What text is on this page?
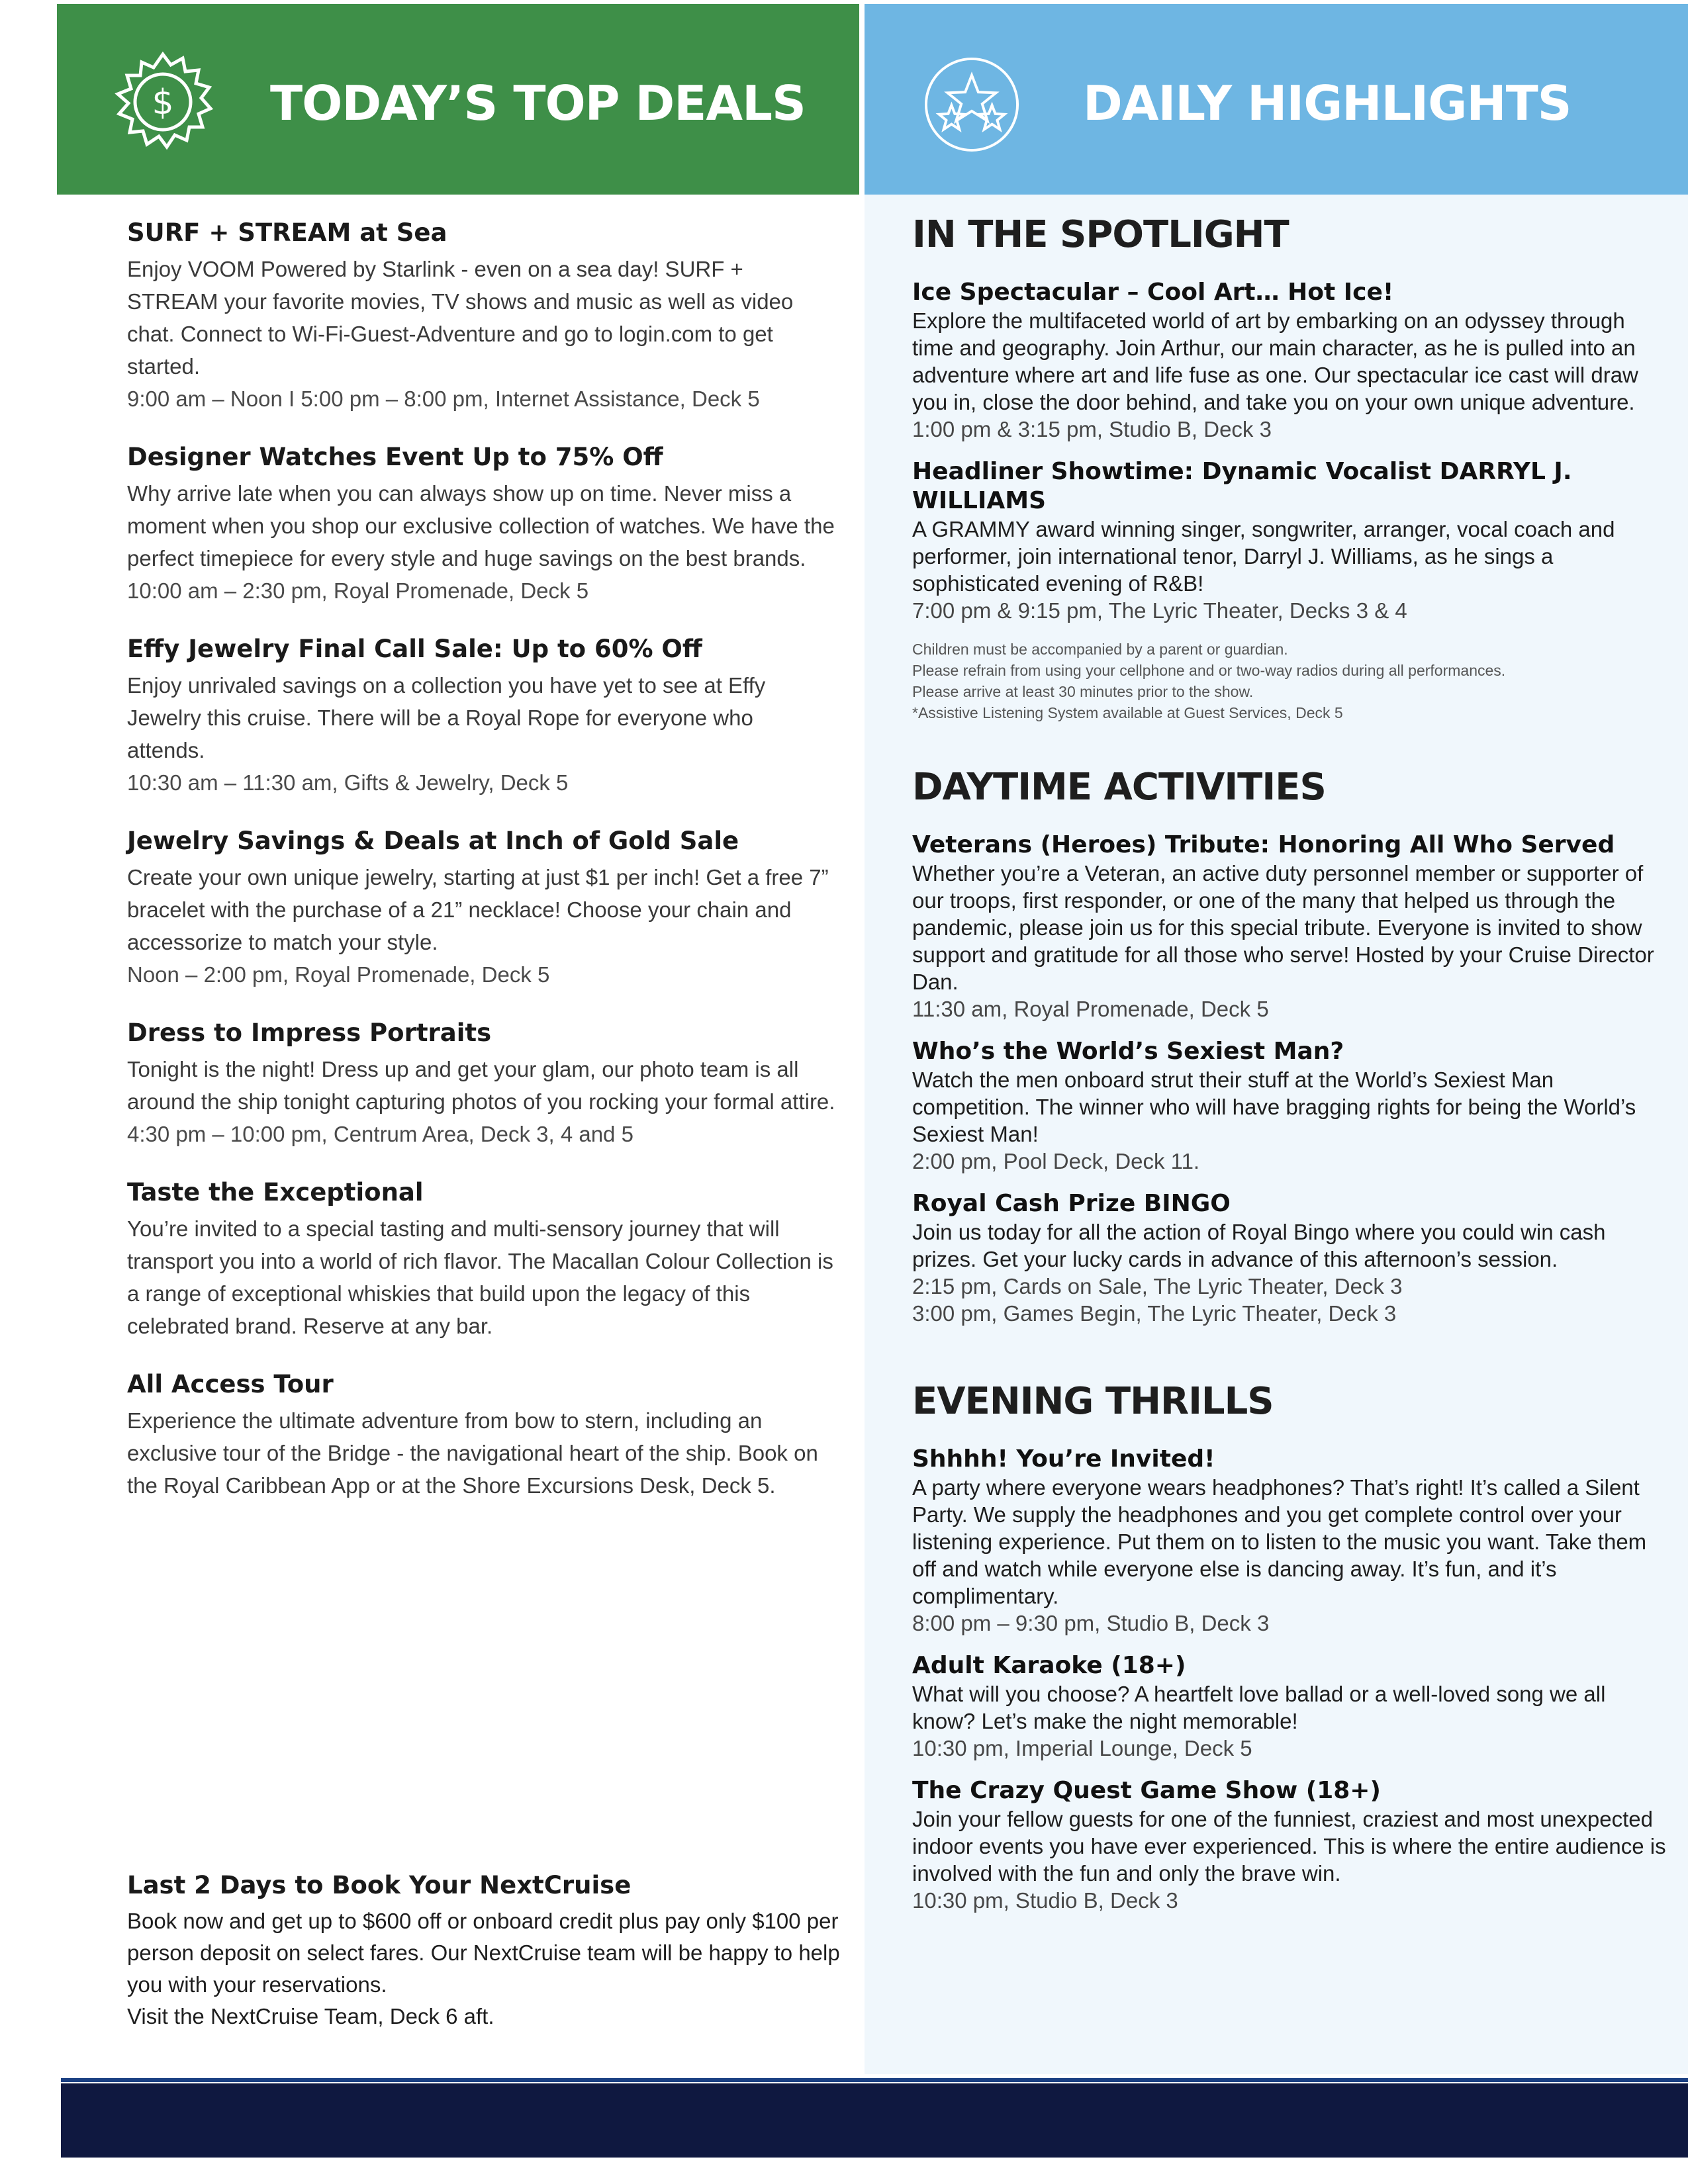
$ TODAY’S TOP DEALS	DAILY HIGHLIGHTS
SURF + STREAM at Sea

Enjoy VOOM Powered by Starlink - even on a sea day! SURF + STREAM your favorite movies, TV shows and music as well as video chat. Connect to Wi-Fi-Guest-Adventure and go to login.com to get started.

9:00 am – Noon I 5:00 pm – 8:00 pm, Internet Assistance, Deck 5

Designer Watches Event Up to 75% Off

Why arrive late when you can always show up on time. Never miss a moment when you shop our exclusive collection of watches. We have the perfect timepiece for every style and huge savings on the best brands.

10:00 am – 2:30 pm, Royal Promenade, Deck 5

Effy Jewelry Final Call Sale: Up to 60% Off

Enjoy unrivaled savings on a collection you have yet to see at Effy Jewelry this cruise. There will be a Royal Rope for everyone who attends.

10:30 am – 11:30 am, Gifts & Jewelry, Deck 5

Jewelry Savings & Deals at Inch of Gold Sale

Create your own unique jewelry, starting at just $1 per inch! Get a free 7” bracelet with the purchase of a 21” necklace! Choose your chain and accessorize to match your style.

Noon – 2:00 pm, Royal Promenade, Deck 5

Dress to Impress Portraits

Tonight is the night! Dress up and get your glam, our photo team is all around the ship tonight capturing photos of you rocking your formal attire.

4:30 pm – 10:00 pm, Centrum Area, Deck 3, 4 and 5

Taste the Exceptional

You’re invited to a special tasting and multi-sensory journey that will transport you into a world of rich flavor. The Macallan Colour Collection is a range of exceptional whiskies that build upon the legacy of this celebrated brand. Reserve at any bar.

All Access Tour

Experience the ultimate adventure from bow to stern, including an exclusive tour of the Bridge - the navigational heart of the ship. Book on the Royal Caribbean App or at the Shore Excursions Desk, Deck 5.

Last 2 Days to Book Your NextCruise

Book now and get up to $600 off or onboard credit plus pay only $100 per person deposit on select fares. Our NextCruise team will be happy to help you with your reservations.

Visit the NextCruise Team, Deck 6 aft.

IN THE SPOTLIGHT
Ice Spectacular – Cool Art… Hot Ice!

Explore the multifaceted world of art by embarking on an odyssey through time and geography. Join Arthur, our main character, as he is pulled into an adventure where art and life fuse as one. Our spectacular ice cast will draw you in, close the door behind, and take you on your own unique adventure.

1:00 pm & 3:15 pm, Studio B, Deck 3

Headliner Showtime: Dynamic Vocalist DARRYL J. WILLIAMS

A GRAMMY award winning singer, songwriter, arranger, vocal coach and performer, join international tenor, Darryl J. Williams, as he sings a sophisticated evening of R&B!

7:00 pm & 9:15 pm, The Lyric Theater, Decks 3 & 4

Children must be accompanied by a parent or guardian.

Please refrain from using your cellphone and or two-way radios during all performances.

Please arrive at least 30 minutes prior to the show.

*Assistive Listening System available at Guest Services, Deck 5

DAYTIME ACTIVITIES
Veterans (Heroes) Tribute: Honoring All Who Served

Whether you’re a Veteran, an active duty personnel member or supporter of our troops, first responder, or one of the many that helped us through the pandemic, please join us for this special tribute. Everyone is invited to show support and gratitude for all those who serve! Hosted by your Cruise Director Dan.

11:30 am, Royal Promenade, Deck 5

Who’s the World’s Sexiest Man?

Watch the men onboard strut their stuff at the World’s Sexiest Man competition. The winner who will have bragging rights for being the World’s Sexiest Man!

2:00 pm, Pool Deck, Deck 11.

Royal Cash Prize BINGO

Join us today for all the action of Royal Bingo where you could win cash prizes. Get your lucky cards in advance of this afternoon’s session.

2:15 pm, Cards on Sale, The Lyric Theater, Deck 3

3:00 pm, Games Begin, The Lyric Theater, Deck 3

EVENING THRILLS
Shhhh! You’re Invited!

A party where everyone wears headphones? That’s right! It’s called a Silent Party. We supply the headphones and you get complete control over your listening experience. Put them on to listen to the music you want. Take them off and watch while everyone else is dancing away. It’s fun, and it’s complimentary.

8:00 pm – 9:30 pm, Studio B, Deck 3

Adult Karaoke (18+)

What will you choose? A heartfelt love ballad or a well-loved song we all know? Let’s make the night memorable!

10:30 pm, Imperial Lounge, Deck 5

The Crazy Quest Game Show (18+)

Join your fellow guests for one of the funniest, craziest and most unexpected indoor events you have ever experienced. This is where the entire audience is involved with the fun and only the brave win.

10:30 pm, Studio B, Deck 3
